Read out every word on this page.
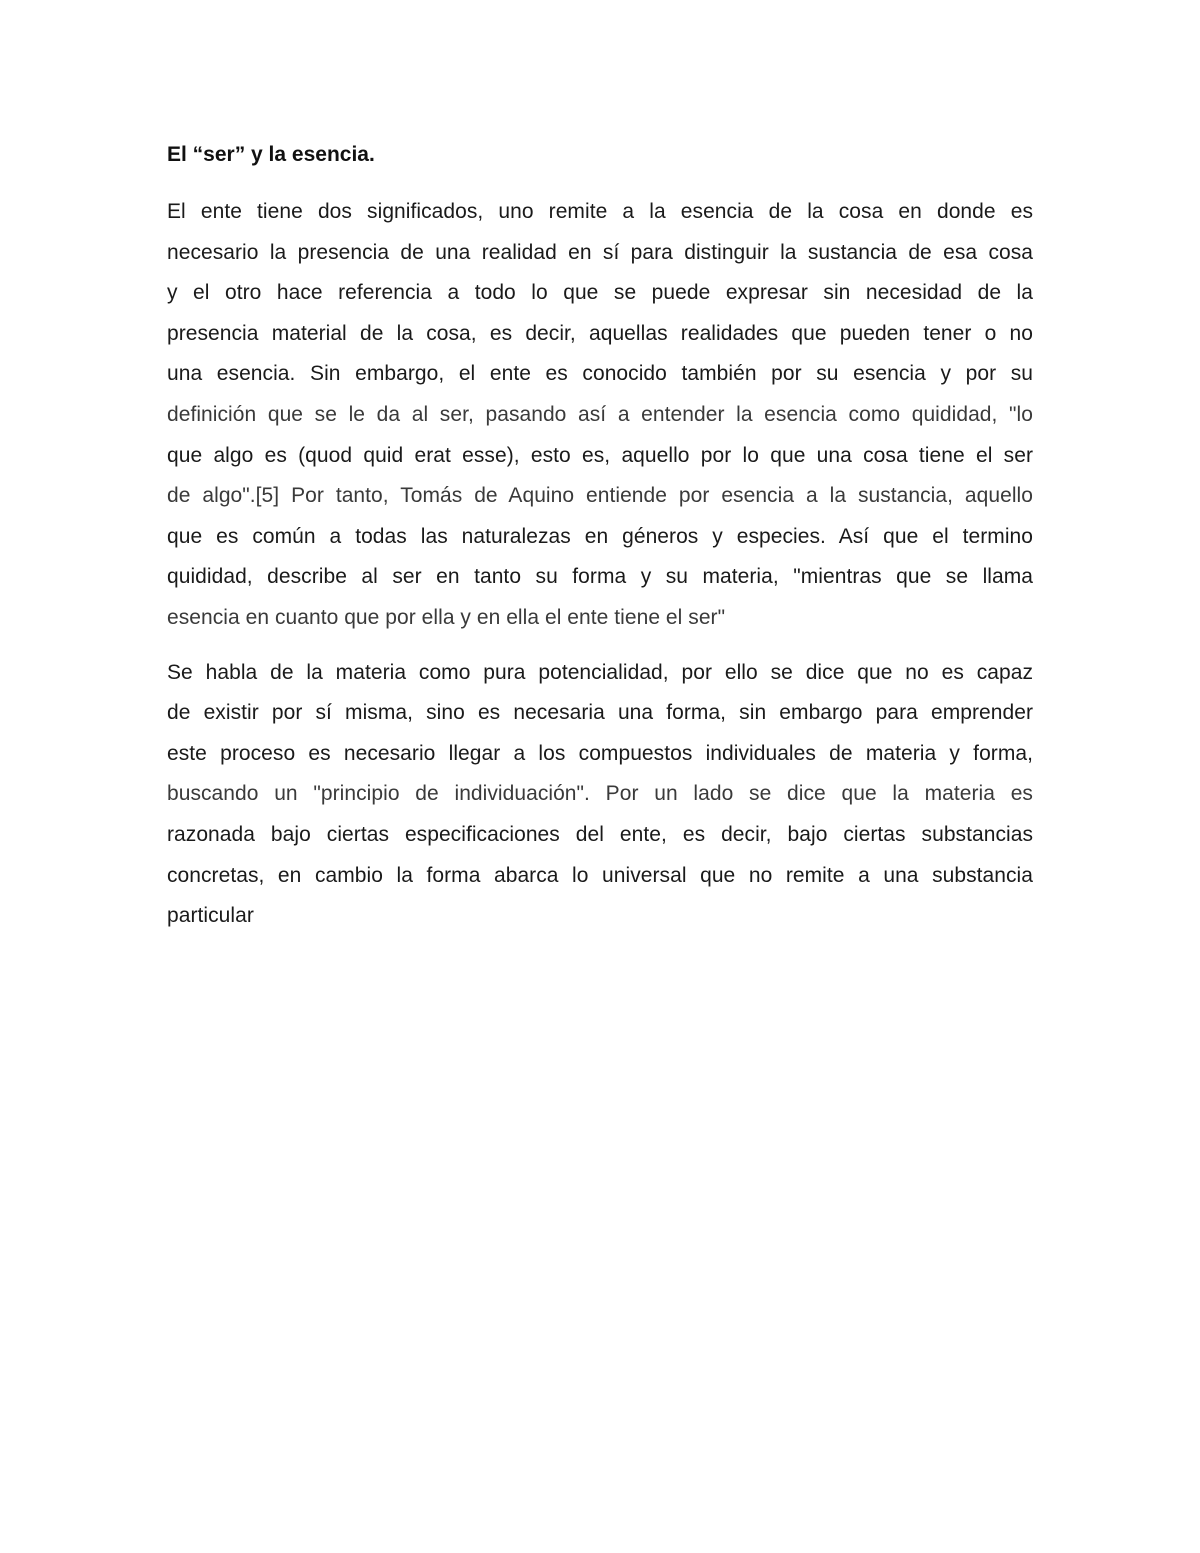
El “ser” y la esencia.
El ente tiene dos significados, uno remite a la esencia de la cosa en donde es
necesario la presencia de una realidad en sí para distinguir la sustancia de esa cosa
y el otro hace referencia a todo lo que se puede expresar sin necesidad de la
presencia material de la cosa, es decir, aquellas realidades que pueden tener o no
una esencia. Sin embargo, el ente es conocido también por su esencia y por su
definición que se le da al ser, pasando así a entender la esencia como quididad, "lo
que algo es (quod quid erat esse), esto es, aquello por lo que una cosa tiene el ser
de algo".[5] Por tanto, Tomás de Aquino entiende por esencia a la sustancia, aquello
que es común a todas las naturalezas en géneros y especies. Así que el termino
quididad, describe al ser en tanto su forma y su materia, "mientras que se llama
esencia en cuanto que por ella y en ella el ente tiene el ser"
Se habla de la materia como pura potencialidad, por ello se dice que no es capaz
de existir por sí misma, sino es necesaria una forma, sin embargo para emprender
este proceso es necesario llegar a los compuestos individuales de materia y forma,
buscando un "principio de individuación". Por un lado se dice que la materia es
razonada bajo ciertas especificaciones del ente, es decir, bajo ciertas substancias
concretas, en cambio la forma abarca lo universal que no remite a una substancia
particular
